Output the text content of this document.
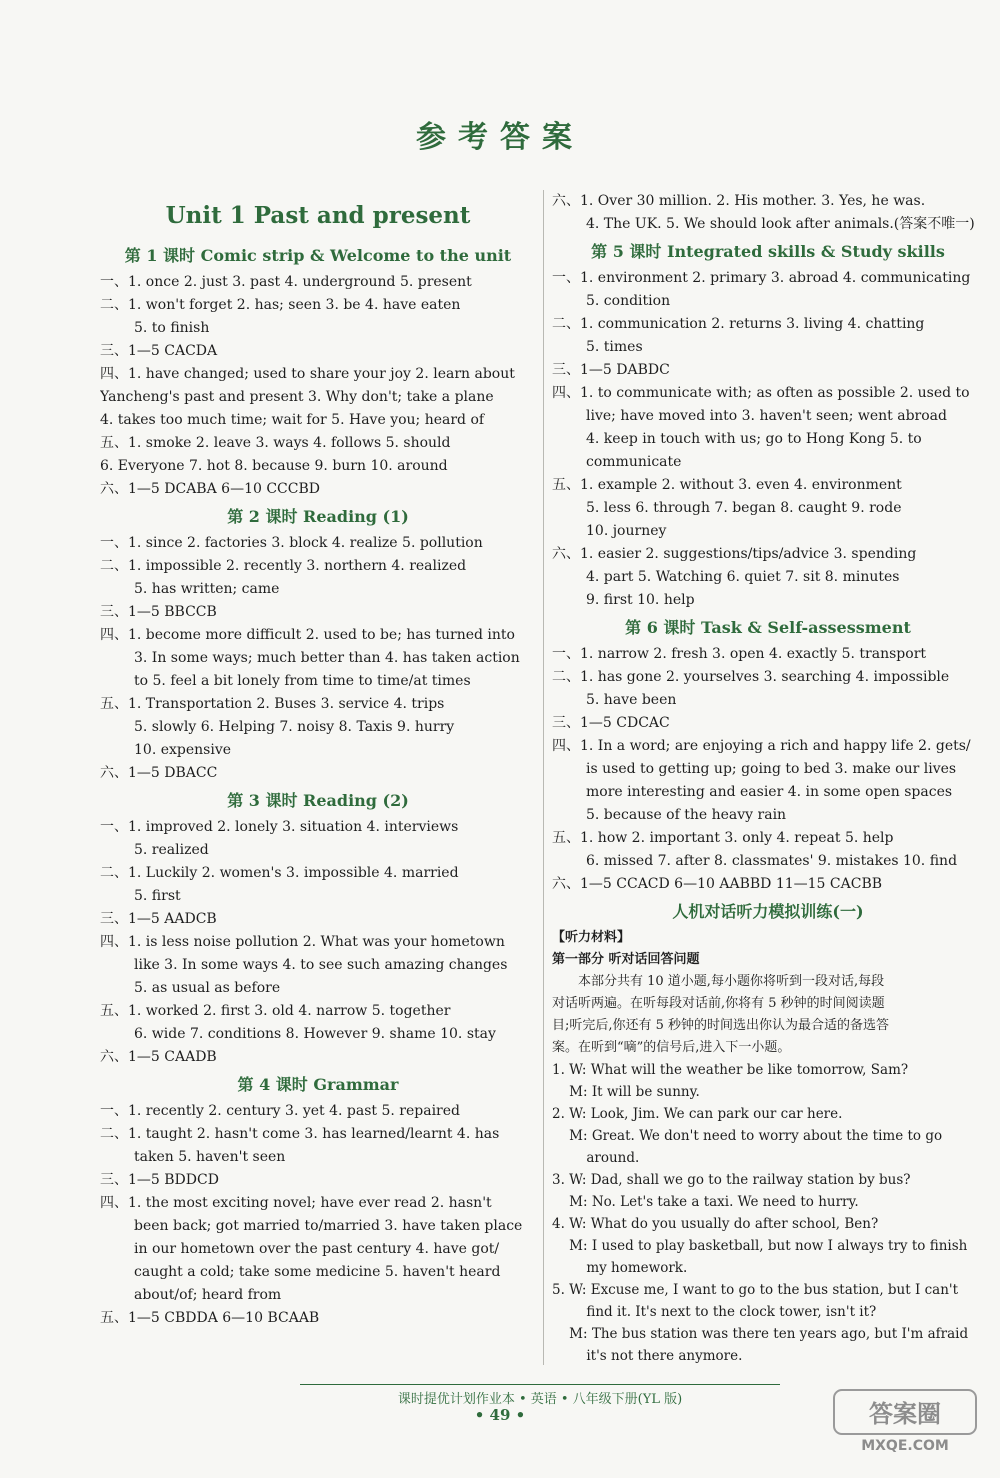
参考答案
Unit 1 Past and present
第 1 课时 Comic strip & Welcome to the unit
一、1. once 2. just 3. past 4. underground 5. present
二、1. won't forget 2. has; seen 3. be 4. have eaten
5. to finish
三、1—5 CACDA
四、1. have changed; used to share your joy 2. learn about
Yancheng's past and present 3. Why don't; take a plane
4. takes too much time; wait for 5. Have you; heard of
五、1. smoke 2. leave 3. ways 4. follows 5. should
6. Everyone 7. hot 8. because 9. burn 10. around
六、1—5 DCABA 6—10 CCCBD
第 2 课时 Reading (1)
一、1. since 2. factories 3. block 4. realize 5. pollution
二、1. impossible 2. recently 3. northern 4. realized
5. has written; came
三、1—5 BBCCB
四、1. become more difficult 2. used to be; has turned into
3. In some ways; much better than 4. has taken action
to 5. feel a bit lonely from time to time/at times
五、1. Transportation 2. Buses 3. service 4. trips
5. slowly 6. Helping 7. noisy 8. Taxis 9. hurry
10. expensive
六、1—5 DBACC
第 3 课时 Reading (2)
一、1. improved 2. lonely 3. situation 4. interviews
5. realized
二、1. Luckily 2. women's 3. impossible 4. married
5. first
三、1—5 AADCB
四、1. is less noise pollution 2. What was your hometown
like 3. In some ways 4. to see such amazing changes
5. as usual as before
五、1. worked 2. first 3. old 4. narrow 5. together
6. wide 7. conditions 8. However 9. shame 10. stay
六、1—5 CAADB
第 4 课时 Grammar
一、1. recently 2. century 3. yet 4. past 5. repaired
二、1. taught 2. hasn't come 3. has learned/learnt 4. has
taken 5. haven't seen
三、1—5 BDDCD
四、1. the most exciting novel; have ever read 2. hasn't
been back; got married to/married 3. have taken place
in our hometown over the past century 4. have got/
caught a cold; take some medicine 5. haven't heard
about/of; heard from
五、1—5 CBDDA 6—10 BCAAB
六、1. Over 30 million. 2. His mother. 3. Yes, he was.
4. The UK. 5. We should look after animals.(答案不唯一)
第 5 课时 Integrated skills & Study skills
一、1. environment 2. primary 3. abroad 4. communicating
5. condition
二、1. communication 2. returns 3. living 4. chatting
5. times
三、1—5 DABDC
四、1. to communicate with; as often as possible 2. used to
live; have moved into 3. haven't seen; went abroad
4. keep in touch with us; go to Hong Kong 5. to
communicate
五、1. example 2. without 3. even 4. environment
5. less 6. through 7. began 8. caught 9. rode
10. journey
六、1. easier 2. suggestions/tips/advice 3. spending
4. part 5. Watching 6. quiet 7. sit 8. minutes
9. first 10. help
第 6 课时 Task & Self-assessment
一、1. narrow 2. fresh 3. open 4. exactly 5. transport
二、1. has gone 2. yourselves 3. searching 4. impossible
5. have been
三、1—5 CDCAC
四、1. In a word; are enjoying a rich and happy life 2. gets/
is used to getting up; going to bed 3. make our lives
more interesting and easier 4. in some open spaces
5. because of the heavy rain
五、1. how 2. important 3. only 4. repeat 5. help
6. missed 7. after 8. classmates' 9. mistakes 10. find
六、1—5 CCACD 6—10 AABBD 11—15 CACBB
人机对话听力模拟训练(一)
【听力材料】
第一部分 听对话回答问题
本部分共有 10 道小题,每小题你将听到一段对话,每段
对话听两遍。在听每段对话前,你将有 5 秒钟的时间阅读题
目;听完后,你还有 5 秒钟的时间选出你认为最合适的备选答
案。在听到“嘀”的信号后,进入下一小题。
1. W: What will the weather be like tomorrow, Sam?
M: It will be sunny.
2. W: Look, Jim. We can park our car here.
M: Great. We don't need to worry about the time to go
around.
3. W: Dad, shall we go to the railway station by bus?
M: No. Let's take a taxi. We need to hurry.
4. W: What do you usually do after school, Ben?
M: I used to play basketball, but now I always try to finish
my homework.
5. W: Excuse me, I want to go to the bus station, but I can't
find it. It's next to the clock tower, isn't it?
M: The bus station was there ten years ago, but I'm afraid
it's not there anymore.
课时提优计划作业本 • 英语 • 八年级下册(YL 版)
• 49 •	答案圈
MXQE.COM
